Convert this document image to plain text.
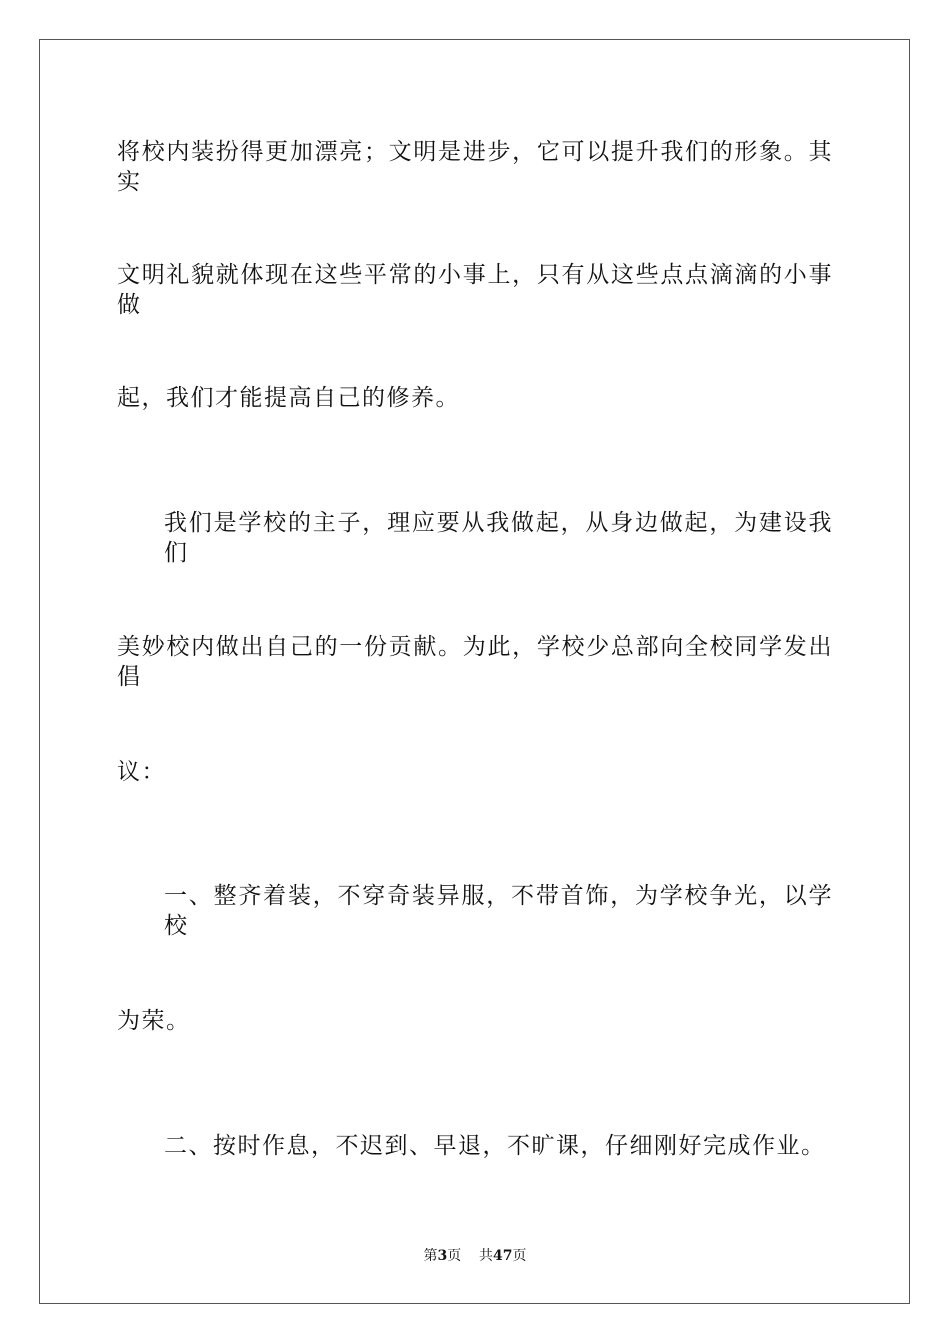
将校内装扮得更加漂亮；文明是进步，它可以提升我们的形象。其实
文明礼貌就体现在这些平常的小事上，只有从这些点点滴滴的小事做
起，我们才能提高自己的修养。
我们是学校的主子，理应要从我做起，从身边做起，为建设我们
美妙校内做出自己的一份贡献。为此，学校少总部向全校同学发出倡
议：
一、整齐着装，不穿奇装异服，不带首饰，为学校争光，以学校
为荣。
二、按时作息，不迟到、早退，不旷课，仔细刚好完成作业。
第3页 共47页
